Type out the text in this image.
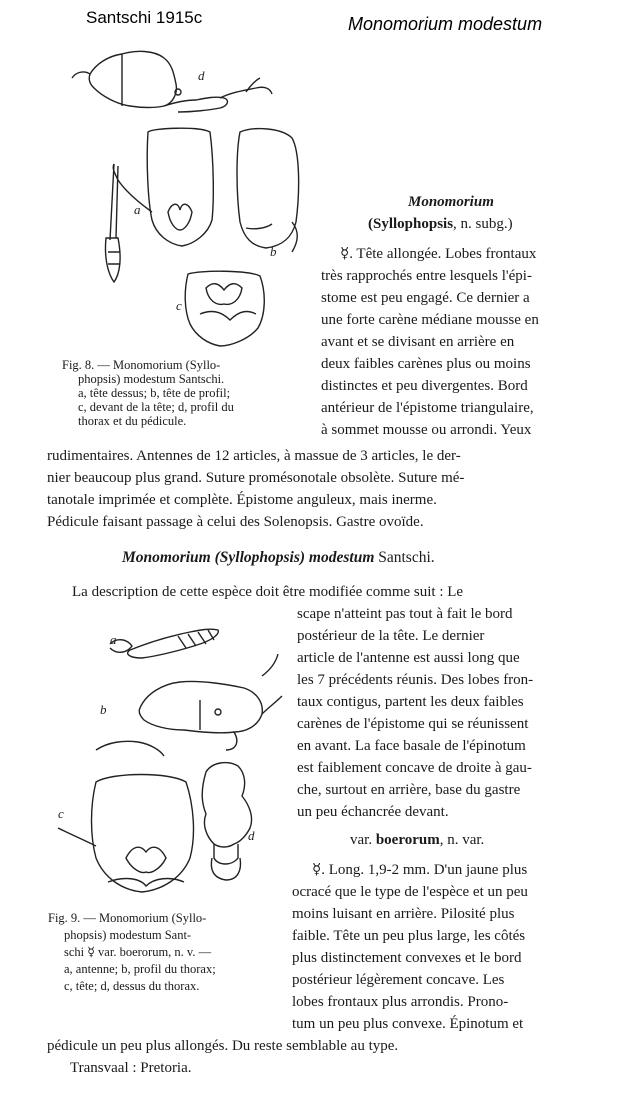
Santschi 1915c	Monomorium modestum
d
a
b
c
Fig. 8. — Monomorium (Syllo-
phopsis) modestum Santschi.
a, tête dessus; b, tête de profil;
c, devant de la tête; d, profil du
thorax et du pédicule.
Monomorium
(Syllophopsis, n. subg.)
☿. Tête allongée. Lobes frontaux
très rapprochés entre lesquels l'épi-
stome est peu engagé. Ce dernier a
une forte carène médiane mousse en
avant et se divisant en arrière en
deux faibles carènes plus ou moins
distinctes et peu divergentes. Bord
antérieur de l'épistome triangulaire,
à sommet mousse ou arrondi. Yeux
rudimentaires. Antennes de 12 articles, à massue de 3 articles, le der-
nier beaucoup plus grand. Suture promésonotale obsolète. Suture mé-
tanotale imprimée et complète. Épistome anguleux, mais inerme.
Pédicule faisant passage à celui des Solenopsis. Gastre ovoïde.
Monomorium (Syllophopsis) modestum Santschi.
La description de cette espèce doit être modifiée comme suit : Le
scape n'atteint pas tout à fait le bord
postérieur de la tête. Le dernier
article de l'antenne est aussi long que
les 7 précédents réunis. Des lobes fron-
taux contigus, partent les deux faibles
carènes de l'épistome qui se réunissent
en avant. La face basale de l'épinotum
est faiblement concave de droite à gau-
che, surtout en arrière, base du gastre
un peu échancrée devant.
a
b
c
d	var. boerorum, n. var.
☿. Long. 1,9-2 mm. D'un jaune plus
ocracé que le type de l'espèce et un peu
moins luisant en arrière. Pilosité plus
faible. Tête un peu plus large, les côtés
plus distinctement convexes et le bord
postérieur légèrement concave. Les
lobes frontaux plus arrondis. Prono-
tum un peu plus convexe. Épinotum et
Fig. 9. — Monomorium (Syllo-
phopsis) modestum Sant-
schi ☿ var. boerorum, n. v. —
a, antenne; b, profil du thorax;
c, tête; d, dessus du thorax.
pédicule un peu plus allongés. Du reste semblable au type.
Transvaal : Pretoria.
